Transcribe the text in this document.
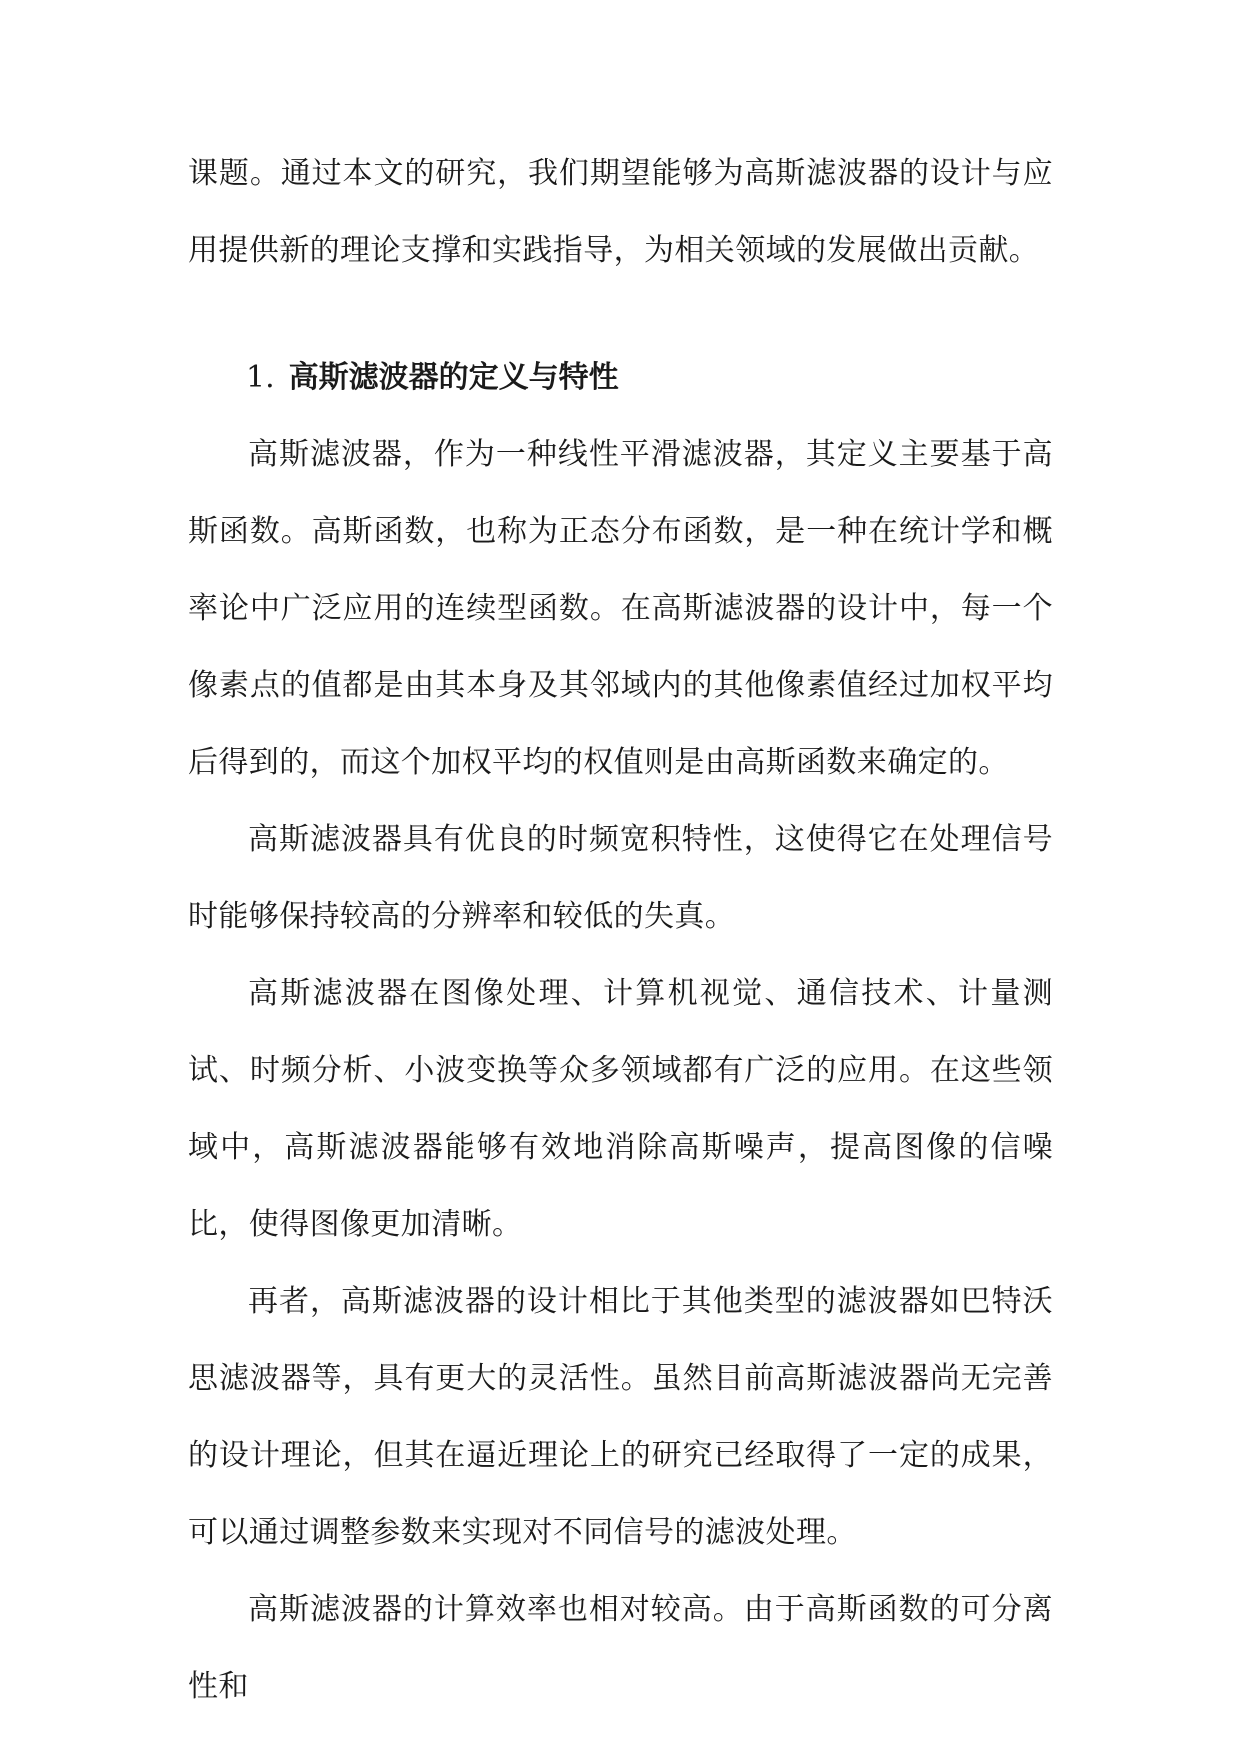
课题。通过本文的研究，我们期望能够为高斯滤波器的设计与应用提供新的理论支撑和实践指导，为相关领域的发展做出贡献。

1. 高斯滤波器的定义与特性

高斯滤波器，作为一种线性平滑滤波器，其定义主要基于高斯函数。高斯函数，也称为正态分布函数，是一种在统计学和概率论中广泛应用的连续型函数。在高斯滤波器的设计中，每一个像素点的值都是由其本身及其邻域内的其他像素值经过加权平均后得到的，而这个加权平均的权值则是由高斯函数来确定的。

高斯滤波器具有优良的时频宽积特性，这使得它在处理信号时能够保持较高的分辨率和较低的失真。

高斯滤波器在图像处理、计算机视觉、通信技术、计量测试、时频分析、小波变换等众多领域都有广泛的应用。在这些领域中，高斯滤波器能够有效地消除高斯噪声，提高图像的信噪比，使得图像更加清晰。

再者，高斯滤波器的设计相比于其他类型的滤波器如巴特沃思滤波器等，具有更大的灵活性。虽然目前高斯滤波器尚无完善的设计理论，但其在逼近理论上的研究已经取得了一定的成果，可以通过调整参数来实现对不同信号的滤波处理。

高斯滤波器的计算效率也相对较高。由于高斯函数的可分离性和
